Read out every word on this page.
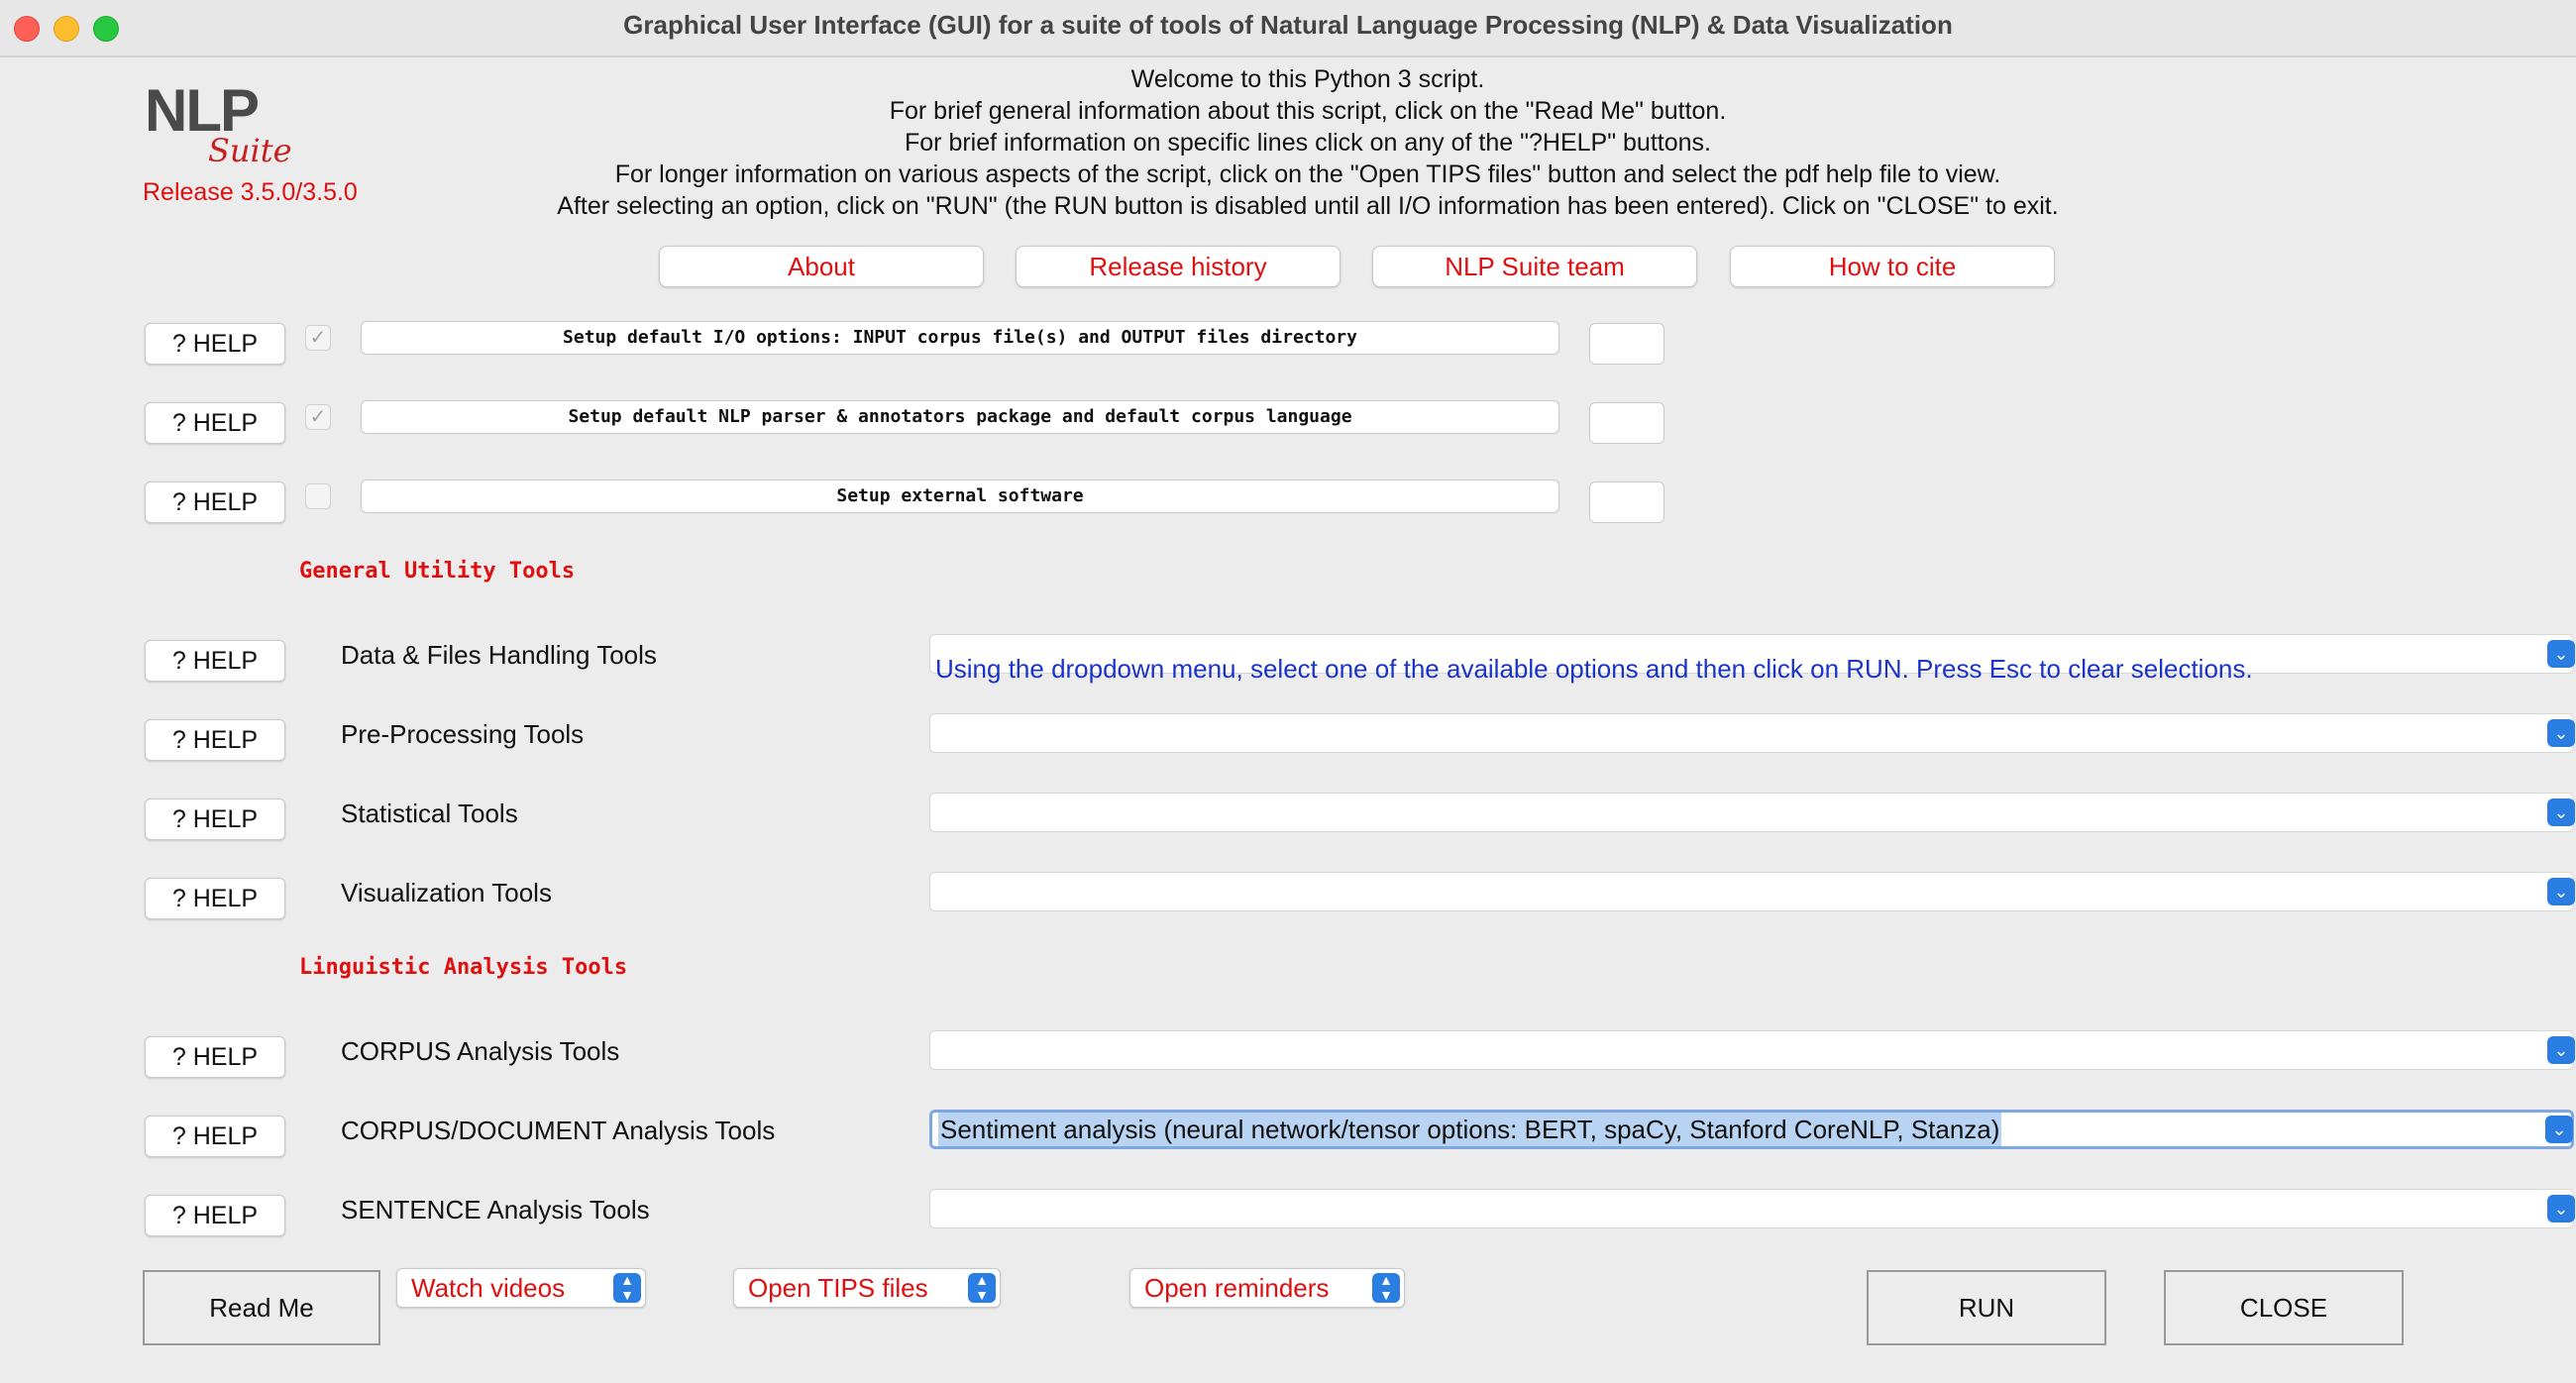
Graphical User Interface (GUI) for a suite of tools of Natural Language Processing (NLP) & Data Visualization
NLP
Suite
Release 3.5.0/3.5.0
Welcome to this Python 3 script.
For brief general information about this script, click on the "Read Me" button.
For brief information on specific lines click on any of the "?HELP" buttons.
For longer information on various aspects of the script, click on the "Open TIPS files" button and select the pdf help file to view.
After selecting an option, click on "RUN" (the RUN button is disabled until all I/O information has been entered). Click on "CLOSE" to exit.
About	Release history	NLP Suite team	How to cite
? HELP	✓	Setup default I/O options: INPUT corpus file(s) and OUTPUT files directory
? HELP	✓	Setup default NLP parser & annotators package and default corpus language
? HELP	Setup external software
General Utility Tools
? HELP	Data & Files Handling Tools	⌄
Using the dropdown menu, select one of the available options and then click on RUN. Press Esc to clear selections.
? HELP	Pre-Processing Tools	⌄
? HELP	Statistical Tools	⌄
? HELP	Visualization Tools	⌄
Linguistic Analysis Tools
? HELP	CORPUS Analysis Tools	⌄
? HELP	CORPUS/DOCUMENT Analysis Tools	Sentiment analysis (neural network/tensor options: BERT, spaCy, Stanford CoreNLP, Stanza)	⌄
? HELP	SENTENCE Analysis Tools	⌄
Read Me
Watch videos	▲
▼	Open TIPS files	▲
▼	Open reminders	▲
▼	RUN	CLOSE
